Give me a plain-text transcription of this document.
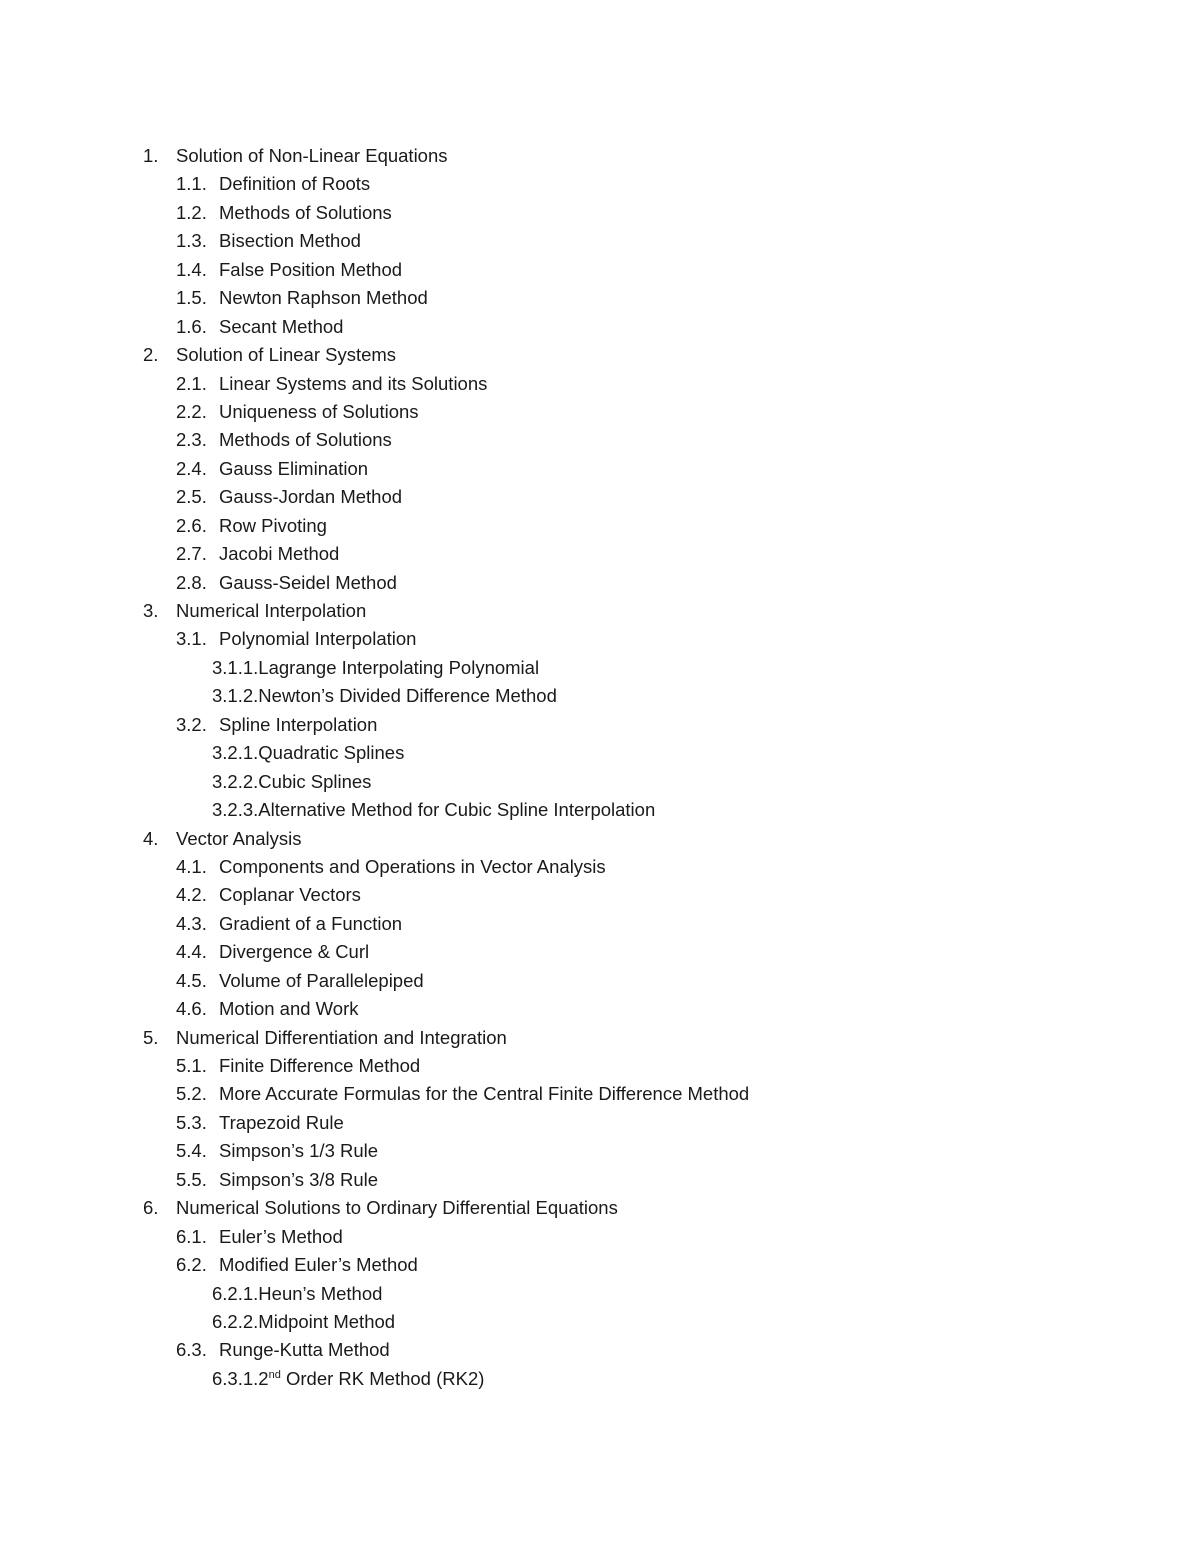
1. Solution of Non-Linear Equations
1.1. Definition of Roots
1.2. Methods of Solutions
1.3. Bisection Method
1.4. False Position Method
1.5. Newton Raphson Method
1.6. Secant Method
2. Solution of Linear Systems
2.1. Linear Systems and its Solutions
2.2. Uniqueness of Solutions
2.3. Methods of Solutions
2.4. Gauss Elimination
2.5. Gauss-Jordan Method
2.6. Row Pivoting
2.7. Jacobi Method
2.8. Gauss-Seidel Method
3. Numerical Interpolation
3.1. Polynomial Interpolation
3.1.1.Lagrange Interpolating Polynomial
3.1.2.Newton’s Divided Difference Method
3.2. Spline Interpolation
3.2.1.Quadratic Splines
3.2.2.Cubic Splines
3.2.3.Alternative Method for Cubic Spline Interpolation
4. Vector Analysis
4.1. Components and Operations in Vector Analysis
4.2. Coplanar Vectors
4.3. Gradient of a Function
4.4. Divergence & Curl
4.5. Volume of Parallelepiped
4.6. Motion and Work
5. Numerical Differentiation and Integration
5.1. Finite Difference Method
5.2. More Accurate Formulas for the Central Finite Difference Method
5.3. Trapezoid Rule
5.4. Simpson’s 1/3 Rule
5.5. Simpson’s 3/8 Rule
6. Numerical Solutions to Ordinary Differential Equations
6.1. Euler’s Method
6.2. Modified Euler’s Method
6.2.1.Heun’s Method
6.2.2.Midpoint Method
6.3. Runge-Kutta Method
6.3.1.2nd Order RK Method (RK2)
